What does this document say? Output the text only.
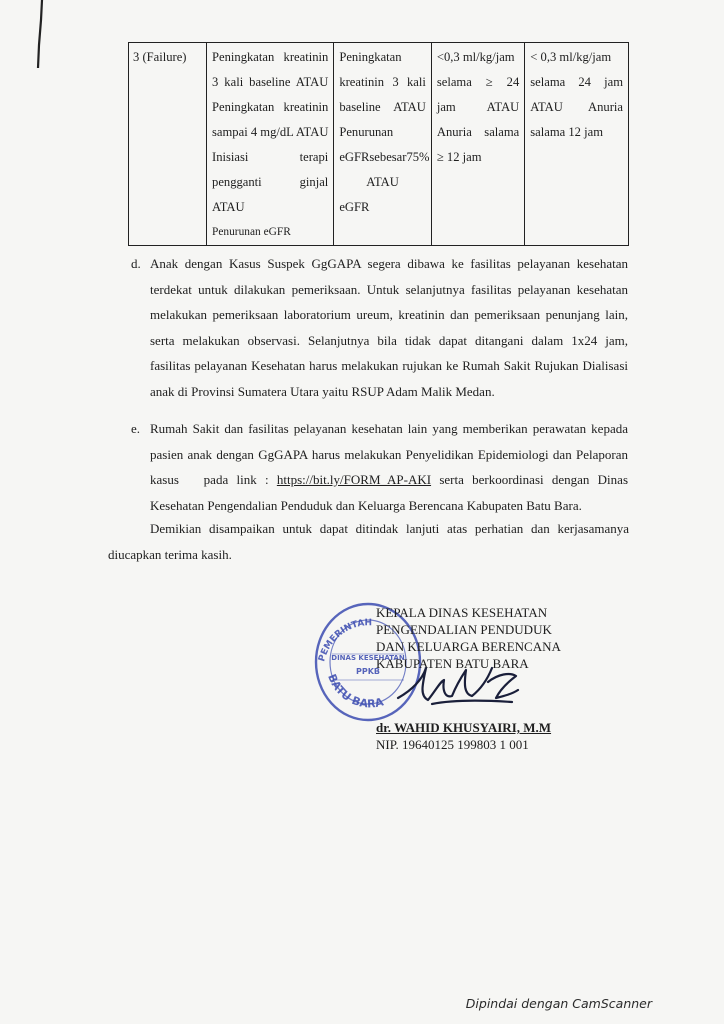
3 (Failure)	Peningkatan kreatinin
3 kali baseline ATAU
Peningkatan kreatinin
sampai 4 mg/dL ATAU
Inisiasi terapi
pengganti ginjal
ATAU
Penurunan eGFR

Peningkatan
kreatinin 3 kali
baseline ATAU
Penurunan
eGFRsebesar75%
ATAU
eGFR

<0,3 ml/kg/jam
selama ≥ 24
jam ATAU
Anuria salama
≥ 12 jam

< 0,3 ml/kg/jam
selama 24 jam
ATAU Anuria
salama 12 jam
d. Anak dengan Kasus Suspek GgGAPA segera dibawa ke fasilitas pelayanan kesehatan
terdekat untuk dilakukan pemeriksaan. Untuk selanjutnya fasilitas pelayanan kesehatan
melakukan pemeriksaan laboratorium ureum, kreatinin dan pemeriksaan penunjang lain,
serta melakukan observasi. Selanjutnya bila tidak dapat ditangani dalam 1x24 jam,
fasilitas pelayanan Kesehatan harus melakukan rujukan ke Rumah Sakit Rujukan Dialisasi
anak di Provinsi Sumatera Utara yaitu RSUP Adam Malik Medan.
e. Rumah Sakit dan fasilitas pelayanan kesehatan lain yang memberikan perawatan kepada
pasien anak dengan GgGAPA harus melakukan Penyelidikan Epidemiologi dan Pelaporan
kasus   pada link : https://bit.ly/FORM_AP-AKI serta berkoordinasi dengan Dinas
Kesehatan Pengendalian Penduduk dan Keluarga Berencana Kabupaten Batu Bara.
Demikian disampaikan untuk dapat ditindak lanjuti atas perhatian dan kerjasamanya
diucapkan terima kasih.
PEMERINTAH
BATU BARA
DINAS KESEHATAN
PPKB
KEPALA DINAS KESEHATAN
PENGENDALIAN PENDUDUK
DAN KELUARGA BERENCANA
KABUPATEN BATU BARA
dr. WAHID KHUSYAIRI, M.M
NIP. 19640125 199803 1 001
Dipindai dengan CamScanner
